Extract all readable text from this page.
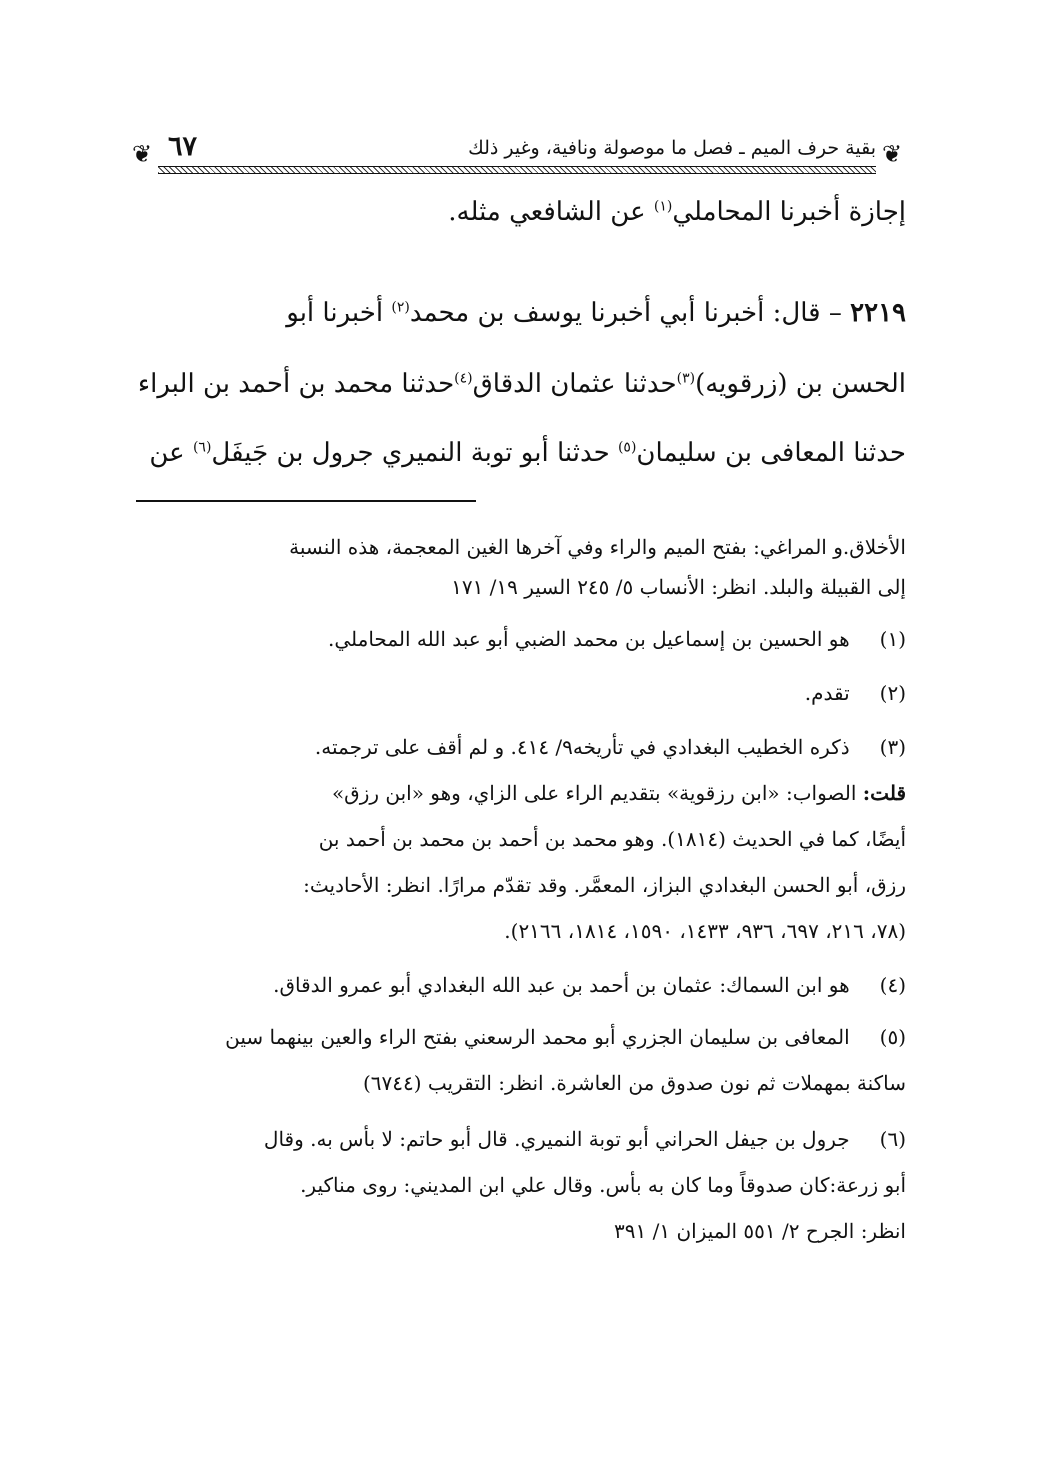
❦
بقية حرف الميم ـ فصل ما موصولة ونافية، وغير ذلك
٦٧
❦
إجازة أخبرنا المحاملي$^{(١)}$ عن الشافعي مثله.
٢٢١٩ – قال: أخبرنا أبي أخبرنا يوسف بن محمد$^{(٢)}$ أخبرنا أبو
الحسن بن (زرقويه)$^{(٣)}$حدثنا عثمان الدقاق$^{(٤)}$حدثنا محمد بن أحمد بن البراء
حدثنا المعافى بن سليمان$^{(٥)}$ حدثنا أبو توبة النميري جرول بن جَيفَل$^{(٦)}$ عن
الأخلاق.و المراغي: بفتح الميم والراء وفي آخرها الغين المعجمة، هذه النسبة
إلى القبيلة والبلد. انظر: الأنساب ٥/ ٢٤٥ السير ١٩/ ١٧١
(١) هو الحسين بن إسماعيل بن محمد الضبي أبو عبد الله المحاملي.
(٢) تقدم.
(٣) ذكره الخطيب البغدادي في تأريخه٩/ ٤١٤. و لم أقف على ترجمته.
قلت: الصواب: «ابن رزقوية» بتقديم الراء على الزاي، وهو «ابن رزق»
أيضًا، كما في الحديث (١٨١٤). وهو محمد بن أحمد بن محمد بن أحمد بن
رزق، أبو الحسن البغدادي البزاز، المعمَّر. وقد تقدّم مرارًا. انظر: الأحاديث:
(٧٨، ٢١٦، ٦٩٧، ٩٣٦، ١٤٣٣، ١٥٩٠، ١٨١٤، ٢١٦٦).
(٤) هو ابن السماك: عثمان بن أحمد بن عبد الله البغدادي أبو عمرو الدقاق.
(٥) المعافى بن سليمان الجزري أبو محمد الرسعني بفتح الراء والعين بينهما سين
ساكنة بمهملات ثم نون صدوق من العاشرة. انظر: التقريب (٦٧٤٤)
(٦) جرول بن جيفل الحراني أبو توبة النميري. قال أبو حاتم: لا بأس به. وقال
أبو زرعة:كان صدوقاً وما كان به بأس. وقال علي ابن المديني: روى مناكير.
انظر: الجرح ٢/ ٥٥١ الميزان ١/ ٣٩١
